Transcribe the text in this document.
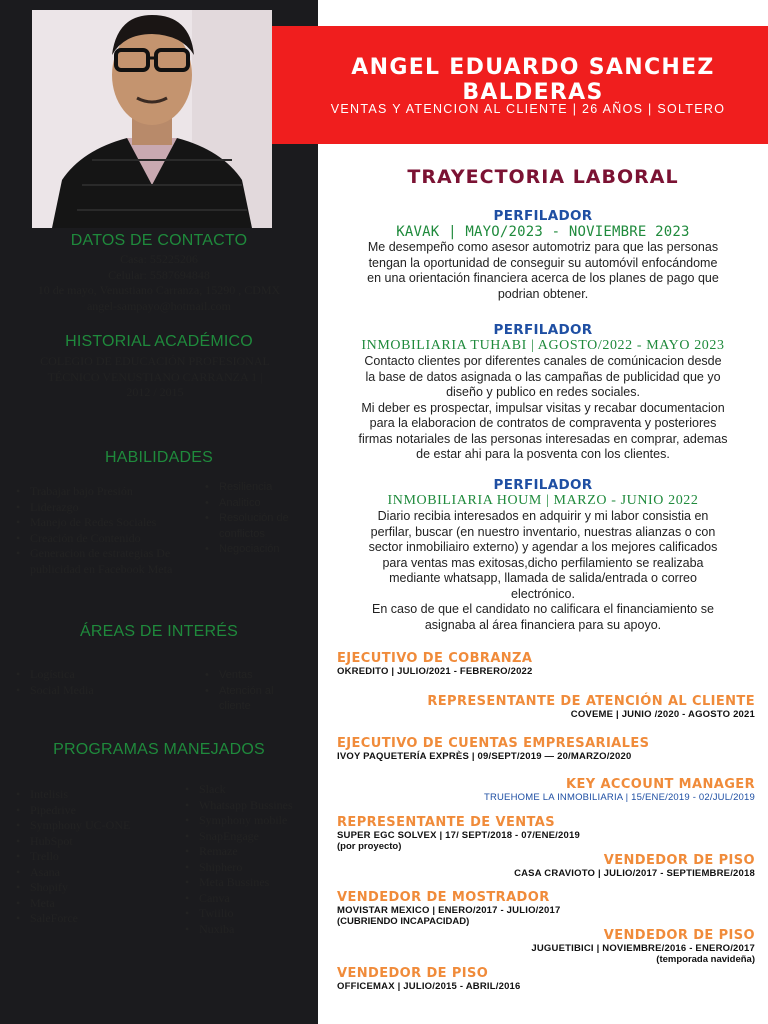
ANGEL EDUARDO SANCHEZ BALDERAS
VENTAS Y ATENCION AL CLIENTE | 26 AÑOS | SOLTERO
DATOS DE CONTACTO
Casa: 55225206
Celular: 5587694848
10 de mayo, Venustiano Carranza, 15290 , CDMX
angel-sampayo@hotmail.com
HISTORIAL ACADÉMICO
COLEGIO DE EDUCACIÓN PROFESIONAL
TÉCNICO VENUSTIANO CARRANZA 1 |
2012 / 2015
HABILIDADES
• Trabajar bajo Presión
• Liderazgo
• Manejo de Redes Sociales
• Creación de Contenido
• Generacion de estrategias De publicidad en Facebook Meta
• Resiliencia
• Analitico
• Resolución de conflictos
• Negociación
ÁREAS DE INTERÉS
• Logística
• Social Media
• Ventas
• Atención al cliente
PROGRAMAS MANEJADOS
• Intelisis
• Pipedrive
• Symphony UC-ONE
• HubSpot
• Trello
• Asana
• Shopify
• Meta
• SaleForce
• Slack
• Whatsapp Bussines
• Symphony mobile
• SnapEngage
• Remaze
• Shiphero
• Meta Bussines
• Canva
• Twiilio
• Nuxiba
TRAYECTORIA LABORAL
PERFILADOR
KAVAK | MAYO/2023 - NOVIEMBRE 2023
Me desempeño como asesor automotriz para que las personas
tengan la oportunidad de conseguir su automóvil enfocándome
en una orientación financiera acerca de los planes de pago que
podrian obtener.
PERFILADOR
INMOBILIARIA TUHABI | AGOSTO/2022 - MAYO 2023
Contacto clientes por diferentes canales de comúnicacion desde
la base de datos asignada o las campañas de publicidad que yo
diseño y publico en redes sociales.
Mi deber es prospectar, impulsar visitas y recabar documentacion
para la elaboracion de contratos de compraventa y posteriores
firmas notariales de las personas interesadas en comprar, ademas
de estar ahi para la posventa con los clientes.
PERFILADOR
INMOBILIARIA HOUM | MARZO - JUNIO 2022
Diario recibia interesados en adquirir y mi labor consistia en
perfilar, buscar (en nuestro inventario, nuestras alianzas o con
sector inmobiliairo externo) y agendar a los mejores calificados
para ventas mas exitosas,dicho perfilamiento se realizaba
mediante whatsapp, llamada de salida/entrada o correo
electrónico.
En caso de que el candidato no calificara el financiamiento se
asignaba al área financiera para su apoyo.
EJECUTIVO DE COBRANZA
OKREDITO | JULIO/2021 - FEBRERO/2022
REPRESENTANTE DE ATENCIÓN AL CLIENTE
COVEME | JUNIO /2020 - AGOSTO 2021
EJECUTIVO DE CUENTAS EMPRESARIALES
IVOY PAQUETERÍA EXPRÈS | 09/SEPT/2019 — 20/MARZO/2020
KEY ACCOUNT MANAGER
TRUEHOME LA INMOBILIARIA | 15/ENE/2019 - 02/JUL/2019
REPRESENTANTE DE VENTAS
SUPER EGC SOLVEX | 17/ SEPT/2018 - 07/ENE/2019
(por proyecto)
VENDEDOR DE PISO
CASA CRAVIOTO | JULIO/2017 - SEPTIEMBRE/2018
VENDEDOR DE MOSTRADOR
MOVISTAR MEXICO | ENERO/2017 - JULIO/2017
(CUBRIENDO INCAPACIDAD)
VENDEDOR DE PISO
JUGUETIBICI | NOVIEMBRE/2016 - ENERO/2017
(temporada navideña)
VENDEDOR DE PISO
OFFICEMAX | JULIO/2015 - ABRIL/2016
